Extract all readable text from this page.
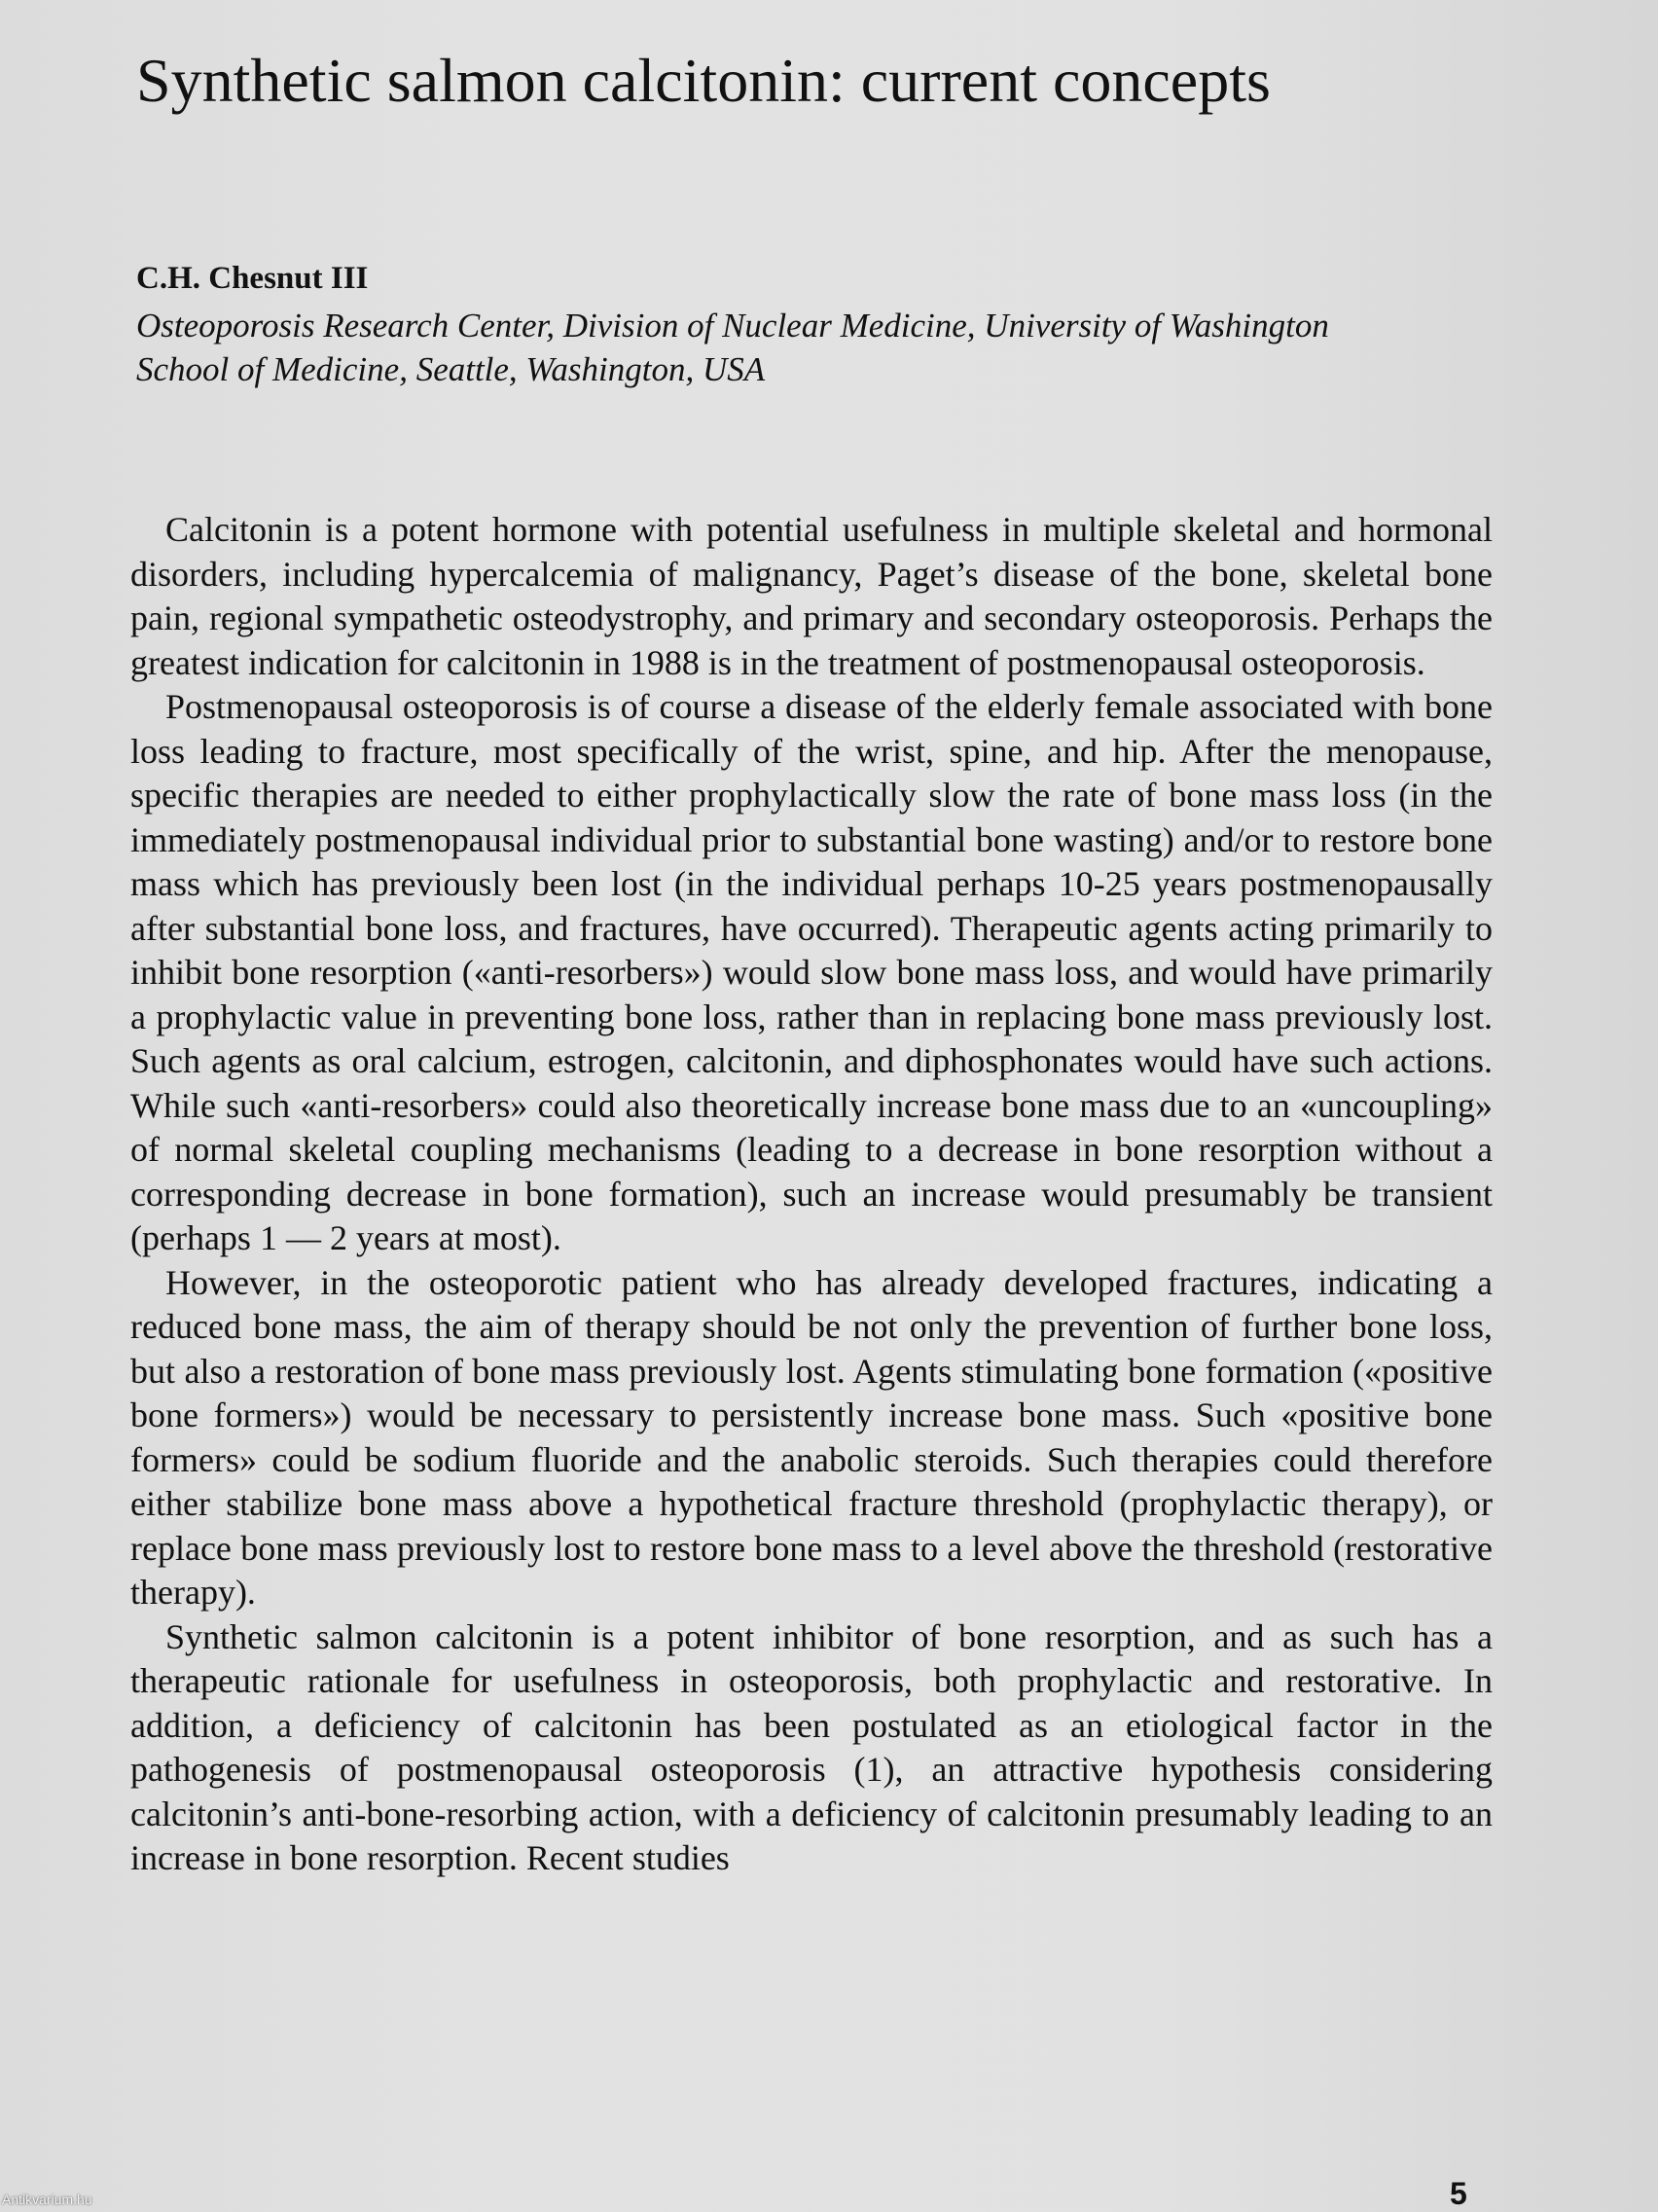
Synthetic salmon calcitonin: current concepts
C.H. Chesnut III
Osteoporosis Research Center, Division of Nuclear Medicine, University of Washington School of Medicine, Seattle, Washington, USA

Calcitonin is a potent hormone with potential usefulness in multiple skeletal and hormonal disorders, including hypercalcemia of malignancy, Paget’s disease of the bone, skeletal bone pain, regional sympathetic osteodystrophy, and primary and secondary osteoporosis. Perhaps the greatest indication for calcitonin in 1988 is in the treatment of postmenopausal osteoporosis.

Postmenopausal osteoporosis is of course a disease of the elderly female associated with bone loss leading to fracture, most specifically of the wrist, spine, and hip. After the menopause, specific therapies are needed to either prophylactically slow the rate of bone mass loss (in the immediately postmenopausal individual prior to substantial bone wasting) and/or to restore bone mass which has previously been lost (in the individual perhaps 10-25 years postmenopausally after substantial bone loss, and fractures, have occurred). Therapeutic agents acting primarily to inhibit bone resorption («anti-resorbers») would slow bone mass loss, and would have primarily a prophylactic value in preventing bone loss, rather than in replacing bone mass previously lost. Such agents as oral calcium, estrogen, calcitonin, and diphosphonates would have such actions. While such «anti-resorbers» could also theoretically increase bone mass due to an «uncoupling» of normal skeletal coupling mechanisms (leading to a decrease in bone resorption without a corresponding decrease in bone formation), such an increase would presumably be transient (perhaps 1 — 2 years at most).

However, in the osteoporotic patient who has already developed fractures, indicating a reduced bone mass, the aim of therapy should be not only the prevention of further bone loss, but also a restoration of bone mass previously lost. Agents stimulating bone formation («positive bone formers») would be necessary to persistently increase bone mass. Such «positive bone formers» could be sodium fluoride and the anabolic steroids. Such therapies could therefore either stabilize bone mass above a hypothetical fracture threshold (prophylactic therapy), or replace bone mass previously lost to restore bone mass to a level above the threshold (restorative therapy).

Synthetic salmon calcitonin is a potent inhibitor of bone resorption, and as such has a therapeutic rationale for usefulness in osteoporosis, both prophylactic and restorative. In addition, a deficiency of calcitonin has been postulated as an etiological factor in the pathogenesis of postmenopausal osteoporosis (1), an attractive hypothesis considering calcitonin’s anti-bone-resorbing action, with a deficiency of calcitonin presumably leading to an increase in bone resorption. Recent studies

5
Antikvarium.hu
